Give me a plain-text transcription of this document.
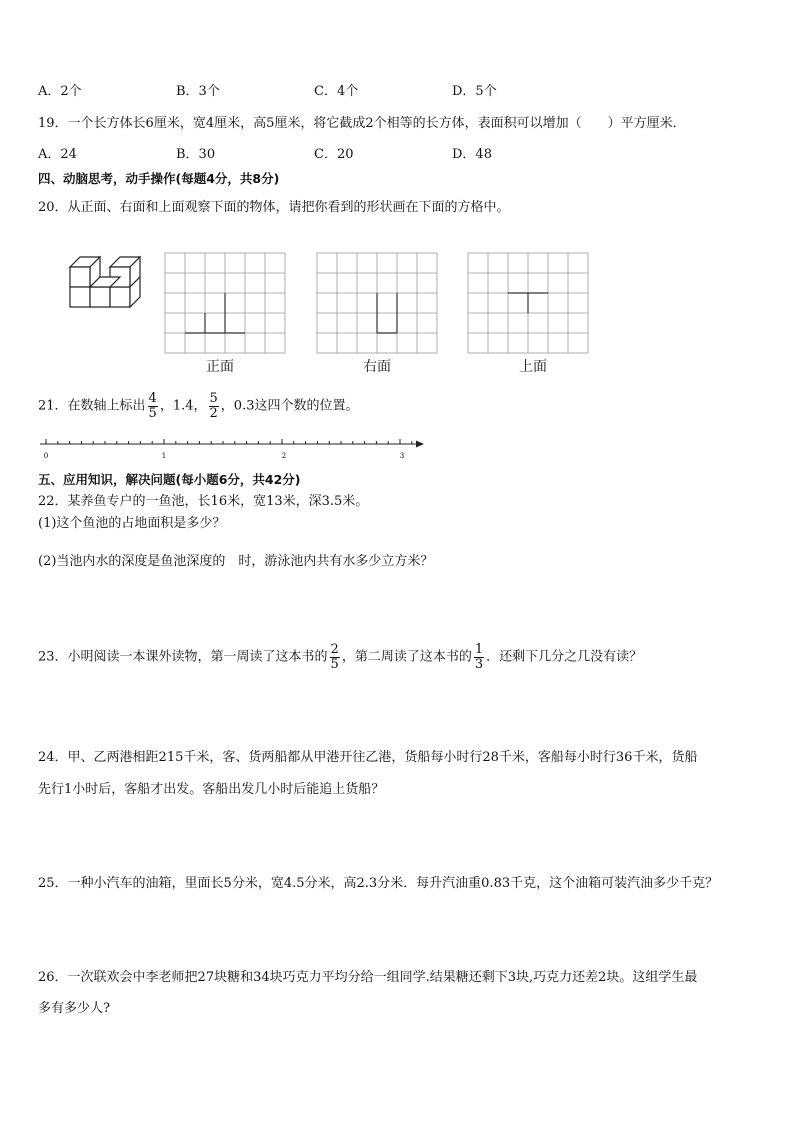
A．2个	B．3个	C．4个	D．5个
19．一个长方体长6厘米，宽4厘米，高5厘米，将它截成2个相等的长方体，表面积可以增加（　　）平方厘米．
A．24	B．30	C．20	D．48
四、动脑思考，动手操作(每题4分，共8分)
20．从正面、右面和上面观察下面的物体，请把你看到的形状画在下面的方格中。
正面	右面	上面
21．在数轴上标出 $\frac{4}{5}$ ，1.4， $\frac{5}{2}$ ，0.3这四个数的位置。
0	1	2	3
五、应用知识，解决问题(每小题6分，共42分)
22．某养鱼专户的一鱼池，长16米，宽13米，深3.5米。
(1)这个鱼池的占地面积是多少？
(2)当池内水的深度是鱼池深度的　时，游泳池内共有水多少立方米？
23．小明阅读一本课外读物，第一周读了这本书的 $\frac{2}{5}$ ，第二周读了这本书的 $\frac{1}{3}$ ．还剩下几分之几没有读？
24．甲、乙两港相距215千米，客、货两船都从甲港开往乙港，货船每小时行28千米，客船每小时行36千米，货船
先行1小时后，客船才出发。客船出发几小时后能追上货船？
25．一种小汽车的油箱，里面长5分米，宽4.5分米，高2.3分米．每升汽油重0.83千克，这个油箱可装汽油多少千克？
26．一次联欢会中李老师把27块糖和34块巧克力平均分给一组同学.结果糖还剩下3块,巧克力还差2块。这组学生最
多有多少人?
